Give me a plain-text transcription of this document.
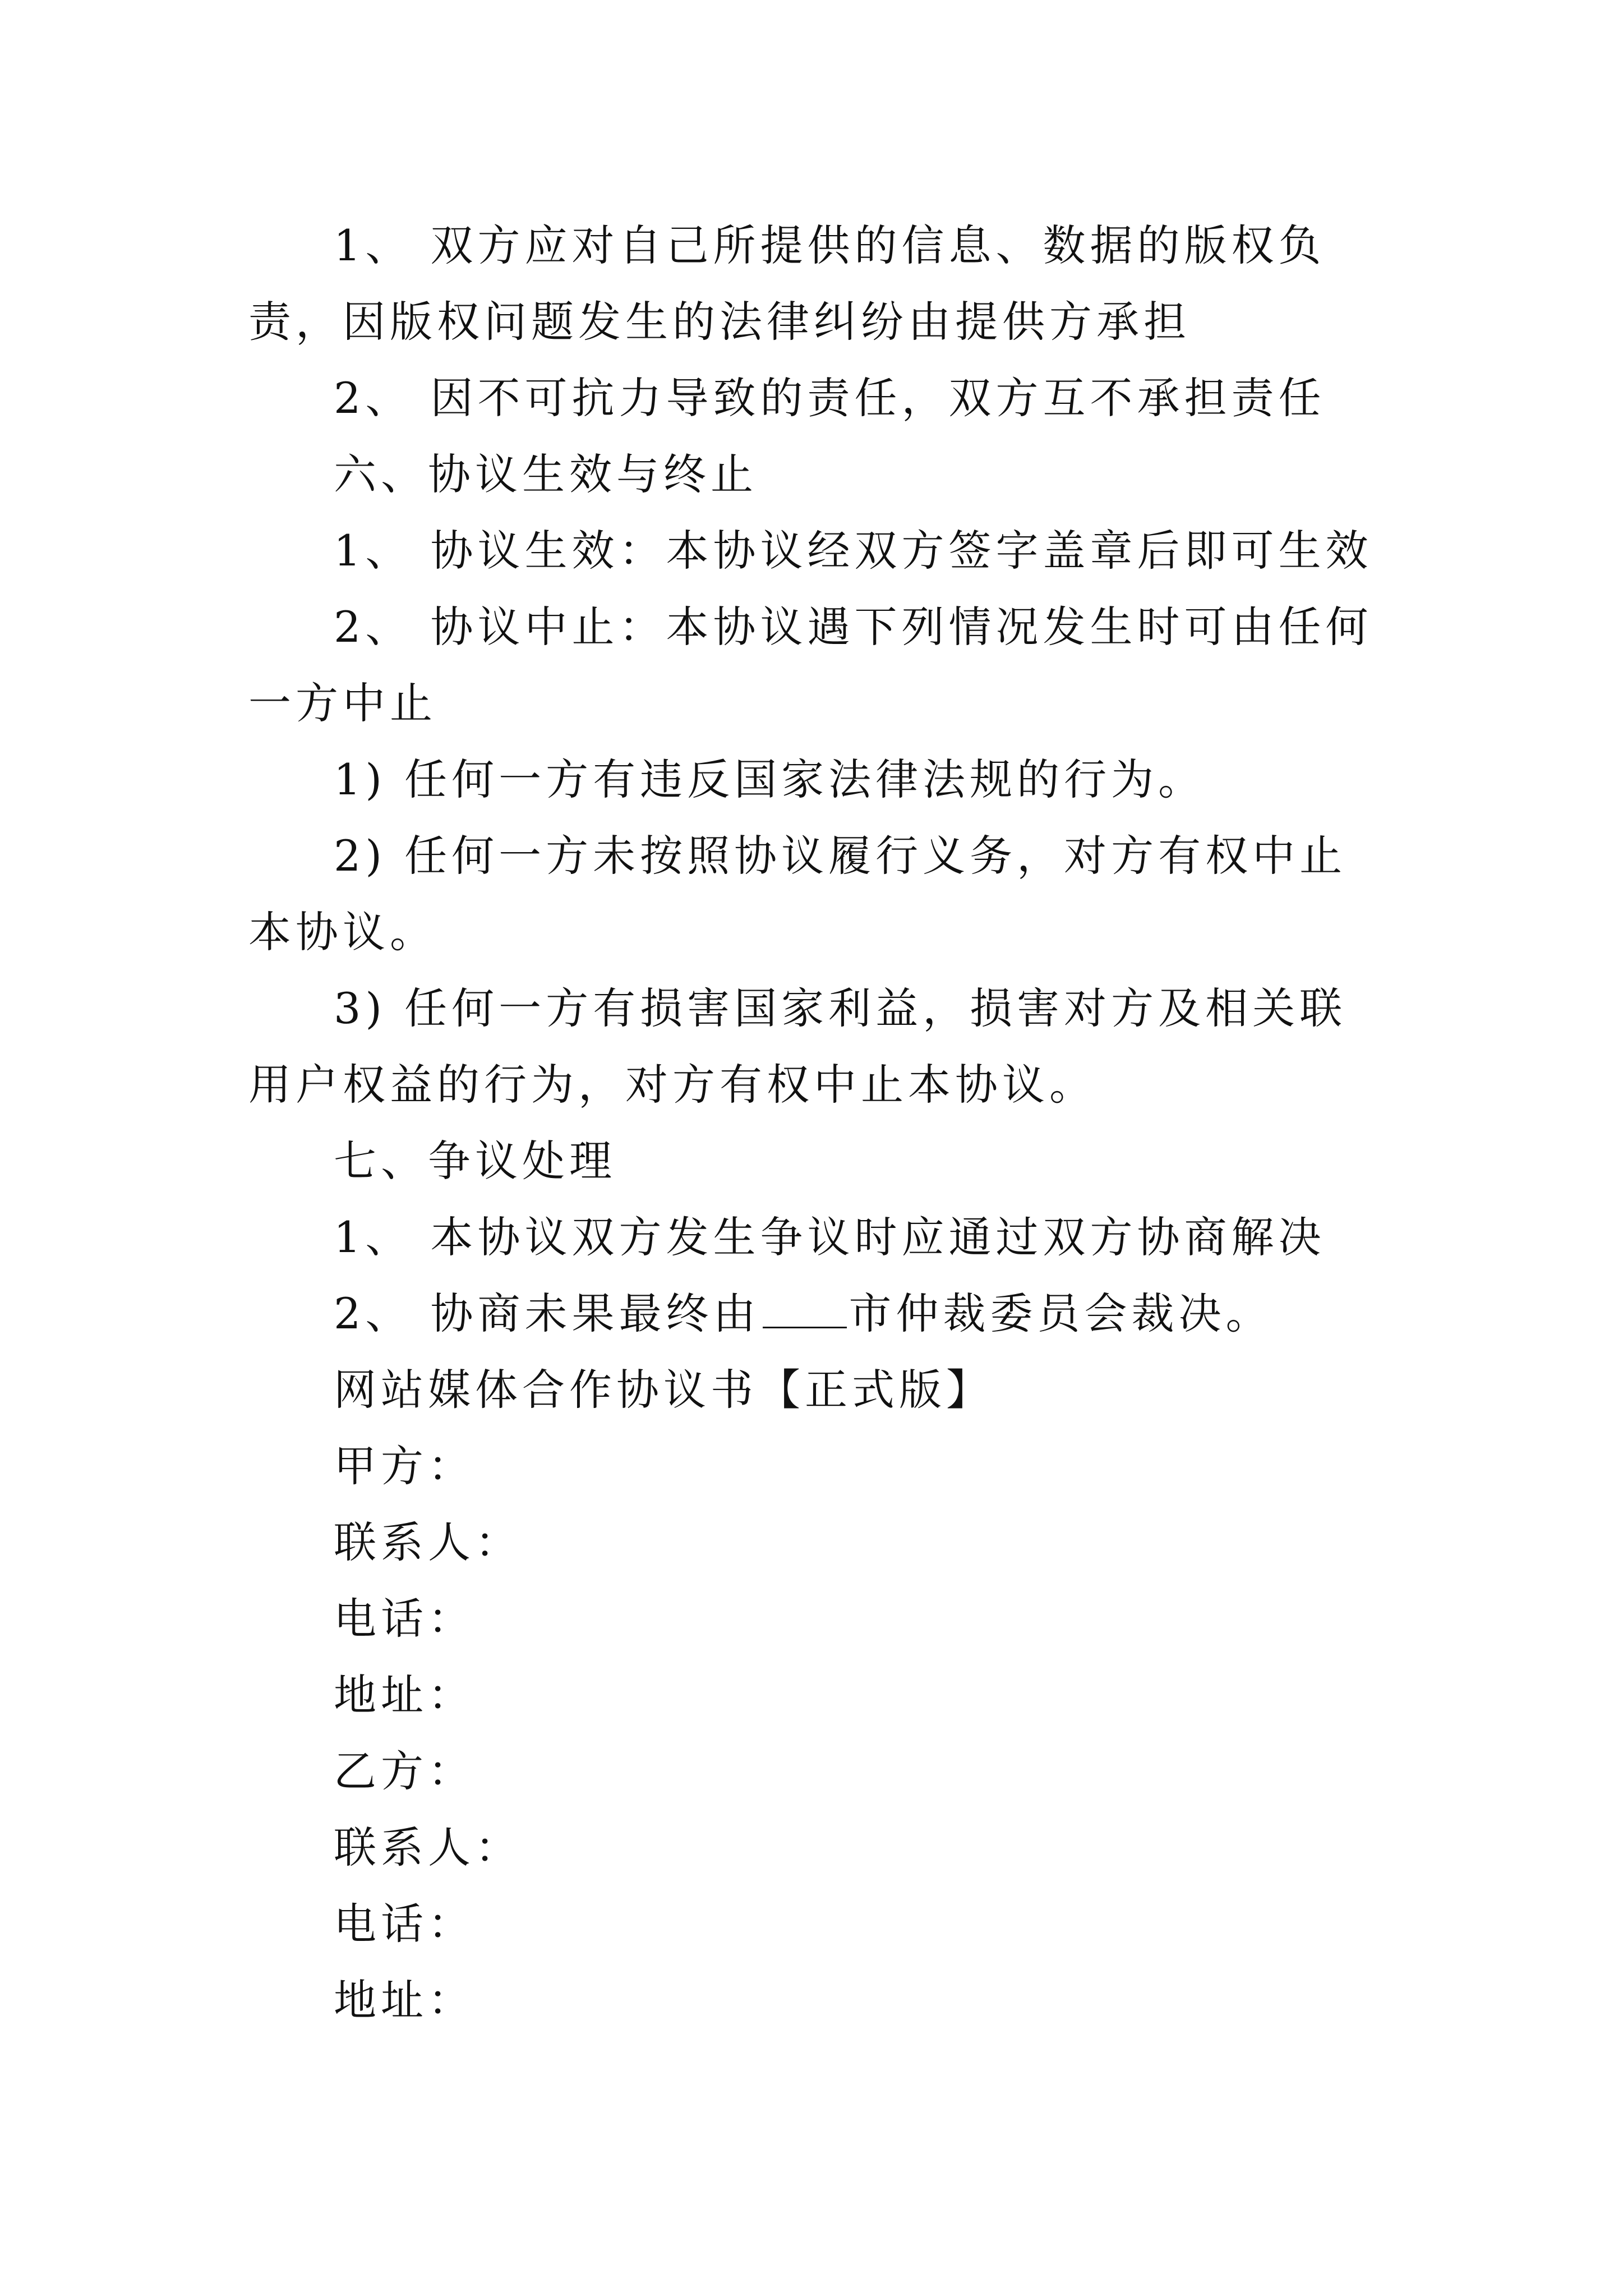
1、 双方应对自己所提供的信息、数据的版权负责，因版权问题发生的法律纠纷由提供方承担

2、 因不可抗力导致的责任，双方互不承担责任

六、协议生效与终止

1、 协议生效：本协议经双方签字盖章后即可生效

2、 协议中止：本协议遇下列情况发生时可由任何一方中止

1) 任何一方有违反国家法律法规的行为。

2) 任何一方未按照协议履行义务，对方有权中止本协议。

3) 任何一方有损害国家利益，损害对方及相关联用户权益的行为，对方有权中止本协议。

七、争议处理

1、 本协议双方发生争议时应通过双方协商解决

2、 协商未果最终由 市仲裁委员会裁决。

网站媒体合作协议书【正式版】

甲方：

联系人：

电话：

地址：

乙方：

联系人：

电话：

地址：
